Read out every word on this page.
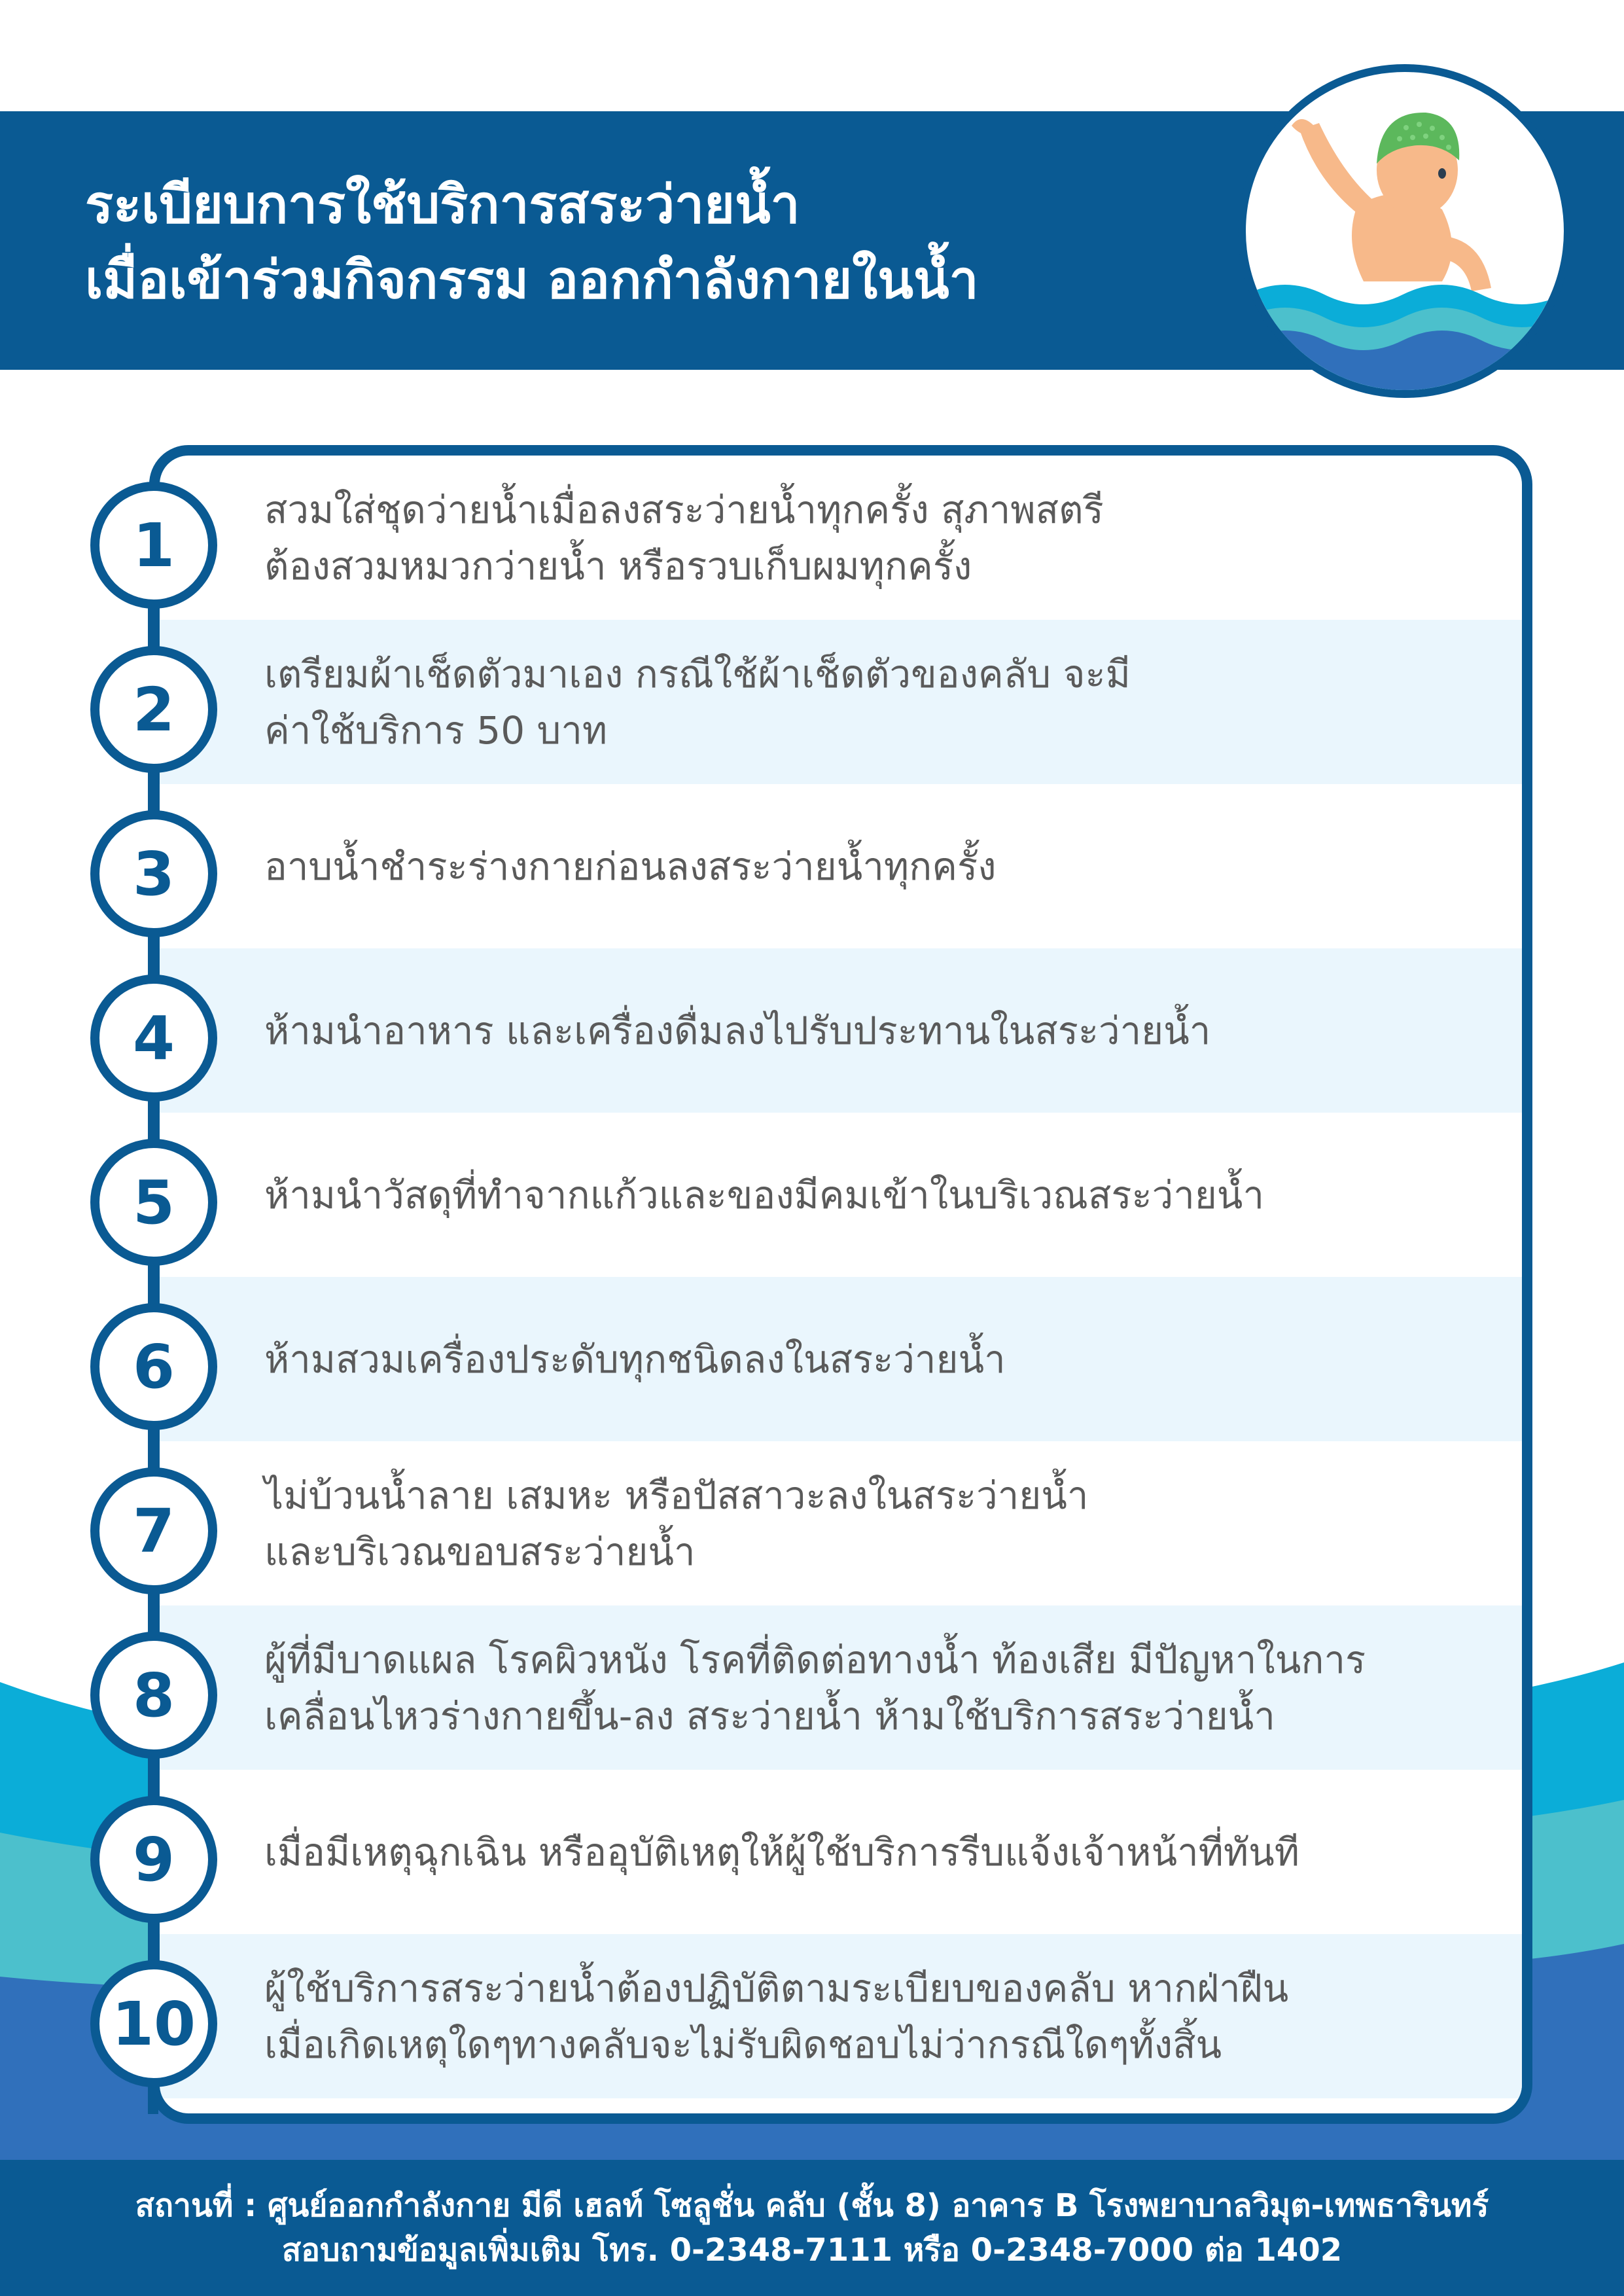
ระเบียบการใช้บริการสระว่ายน้ำ
เมื่อเข้าร่วมกิจกรรม ออกกำลังกายในน้ำ
สวมใส่ชุดว่ายน้ำเมื่อลงสระว่ายน้ำทุกครั้ง สุภาพสตรี
ต้องสวมหมวกว่ายน้ำ หรือรวบเก็บผมทุกครั้ง
เตรียมผ้าเช็ดตัวมาเอง กรณีใช้ผ้าเช็ดตัวของคลับ จะมี
ค่าใช้บริการ 50 บาท
อาบน้ำชำระร่างกายก่อนลงสระว่ายน้ำทุกครั้ง
ห้ามนำอาหาร และเครื่องดื่มลงไปรับประทานในสระว่ายน้ำ
ห้ามนำวัสดุที่ทำจากแก้วและของมีคมเข้าในบริเวณสระว่ายน้ำ
ห้ามสวมเครื่องประดับทุกชนิดลงในสระว่ายน้ำ
ไม่บ้วนน้ำลาย เสมหะ หรือปัสสาวะลงในสระว่ายน้ำ
และบริเวณขอบสระว่ายน้ำ
ผู้ที่มีบาดแผล โรคผิวหนัง โรคที่ติดต่อทางน้ำ ท้องเสีย มีปัญหาในการ
เคลื่อนไหวร่างกายขึ้น-ลง สระว่ายน้ำ ห้ามใช้บริการสระว่ายน้ำ
เมื่อมีเหตุฉุกเฉิน หรืออุบัติเหตุให้ผู้ใช้บริการรีบแจ้งเจ้าหน้าที่ทันที
ผู้ใช้บริการสระว่ายน้ำต้องปฏิบัติตามระเบียบของคลับ หากฝ่าฝืน
เมื่อเกิดเหตุใดๆทางคลับจะไม่รับผิดชอบไม่ว่ากรณีใดๆทั้งสิ้น
1
2
3
4
5
6
7
8
9
10
สถานที่ : ศูนย์ออกกำลังกาย มีดี เฮลท์ โซลูชั่น คลับ (ชั้น 8) อาคาร B โรงพยาบาลวิมุต-เทพธารินทร์
สอบถามข้อมูลเพิ่มเติม โทร. 0-2348-7111 หรือ 0-2348-7000 ต่อ 1402
